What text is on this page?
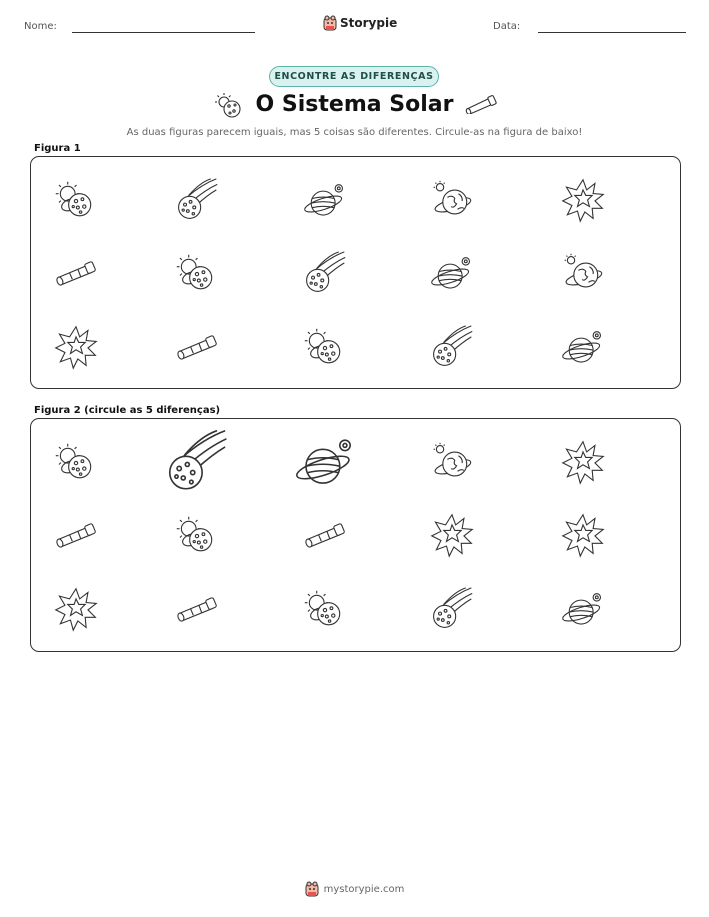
Nome:	Storypie	Data:
ENCONTRE AS DIFERENÇAS
O Sistema Solar
As duas figuras parecem iguais, mas 5 coisas são diferentes. Circule-as na figura de baixo!
Figura 1
Figura 2 (circule as 5 diferenças)
mystorypie.com
